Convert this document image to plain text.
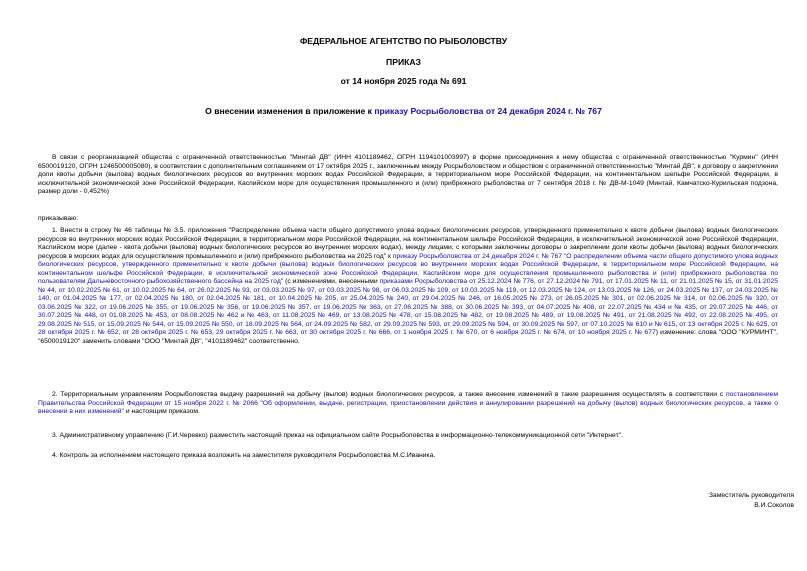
ФЕДЕРАЛЬНОЕ АГЕНТСТВО ПО РЫБОЛОВСТВУ
ПРИКАЗ
от 14 ноября 2025 года № 691
О внесении изменения в приложение к приказу Росрыболовства от 24 декабря 2024 г. № 767

В связи с реорганизацией общества с ограниченной ответственностью "Минтай ДВ" (ИНН 4101189462, ОГРН 1194101003997) в форме присоединения к нему общества с ограниченной ответственностью "Курмин" (ИНН 6500019120, ОГРН 1246500005080), в соответствии с дополнительным соглашением от 17 октября 2025 г., заключенным между Росрыболовством и обществом с ограниченной ответственностью "Минтай ДВ", к договору о закреплении доли квоты добычи (вылова) водных биологических ресурсов во внутренних морских водах Российской Федерации, в территориальном море Российской Федерации, на континентальном шельфе Российской Федерации, в исключительной экономической зоне Российской Федерации, Каспийском море для осуществления промышленного и (или) прибрежного рыболовства от 7 сентября 2018 г. № ДВ-М-1049 (Минтай, Камчатско-Курильская подзона, размер доли - 0,452%)

приказываю:

1. Внести в строку № 46 таблицы № 3.5. приложения "Распределение объема части общего допустимого улова водных биологических ресурсов, утвержденного применительно к квоте добычи (вылова) водных биологических ресурсов во внутренних морских водах Российской Федерации, в территориальном море Российской Федерации, на континентальном шельфе Российской Федерации, в исключительной экономической зоне Российской Федерации, Каспийском море (далее - квота добычи (вылова) водных биологических ресурсов во внутренних морских водах), между лицами, с которыми заключены договоры о закреплении доли квоты добычи (вылова) водных биологических ресурсов в морских водах для осуществления промышленного и (или) прибрежного рыболовства на 2025 год" к приказу Росрыболовства от 24 декабря 2024 г. № 767 "О распределении объема части общего допустимого улова водных биологических ресурсов, утвержденного применительно к квоте добычи (вылова) водных биологических ресурсов во внутренних морских водах Российской Федерации, в территориальном море Российской Федерации, на континентальном шельфе Российской Федерации, в исключительной экономической зоне Российской Федерации, Каспийском море для осуществления промышленного рыболовства и (или) прибрежного рыболовства по пользователям Дальневосточного рыбохозяйственного бассейна на 2025 год" (с изменениями, внесенными приказами Росрыболовства от 25.12.2024 № 776, от 27.12.2024 № 791, от 17.01.2025 № 11, от 21.01.2025 № 15, от 31.01.2025 № 44, от 10.02.2025 № 61, от 10.02.2025 № 64, от 26.02.2025 № 93, от 03.03.2025 № 97, от 03.03.2025 № 98, от 06.03.2025 № 109, от 10.03.2025 № 119, от 12.03.2025 № 124, от 13.03.2025 № 126, от 24.03.2025 № 137, от 24.03.2025 № 140, от 01.04.2025 № 177, от 02.04.2025 № 180, от 02.04.2025 № 181, от 10.04.2025 № 205, от 25.04.2025 № 240, от 29.04.2025 № 246, от 16.05.2025 № 273, от 26.05.2025 № 301, от 02.06.2025 № 314, от 02.06.2025 № 320, от 03.06.2025 № 322, от 19.06.2025 № 355, от 19.06.2025 № 356, от 19.06.2025 № 357, от 19.06.2025 № 363, от 27.06.2025 № 388, от 30.06.2025 № 393, от 04.07.2025 № 408, от 22.07.2025 № 434 и № 435, от 29.07.2025 № 446, от 30.07.2025 № 448, от 01.08.2025 № 453, от 08.08.2025 № 462 и № 463, от 11.08.2025 № 469, от 13.08.2025 № 478, от 15.08.2025 № 482, от 19.08.2025 № 489, от 19.08.2025 № 491, от 21.08.2025 № 492, от 22.08.2025 № 495, от 29.08.2025 № 515, от 15.09.2025 № 544, от 15.09.2025 № 550, от 18.09.2025 № 564, от 24.09.2025 № 582, от 29.09.2025 № 593, от 29.09.2025 № 594, от 30.09.2025 № 597, от 07.10.2025 № 610 и № 615, от 13 октября 2025 г. № 625, от 28 октября 2025 г. № 652, от 28 октября 2025 г. № 653, 29 октября 2025 г. № 663, от 30 октября 2025 г. № 666, от 1 ноября 2025 г. № 670, от 6 ноября 2025 г. № 674, от 10 ноября 2025 г. № 677) изменение: слова "ООО "КУРМИНТ", "6500019120" заменить словами "ООО "Минтай ДВ", "4101189462" соответственно.

2. Территориальным управлениям Росрыболовства выдачу разрешений на добычу (вылов) водных биологических ресурсов, а также внесение изменений в такие разрешения осуществлять в соответствии с постановлением Правительства Российской Федерации от 15 ноября 2022 г. № 2066 "Об оформлении, выдаче, регистрации, приостановлении действия и аннулировании разрешений на добычу (вылов) водных биологических ресурсов, а также о внесении в них изменений" и настоящим приказом.

3. Административному управлению (Г.И.Черевко) разместить настоящий приказ на официальном сайте Росрыболовства в информационно-телекоммуникационной сети "Интернет".

4. Контроль за исполнением настоящего приказа возложить на заместителя руководителя Росрыболовства М.С.Иваника.

Заместитель руководителя
В.И.Соколов
